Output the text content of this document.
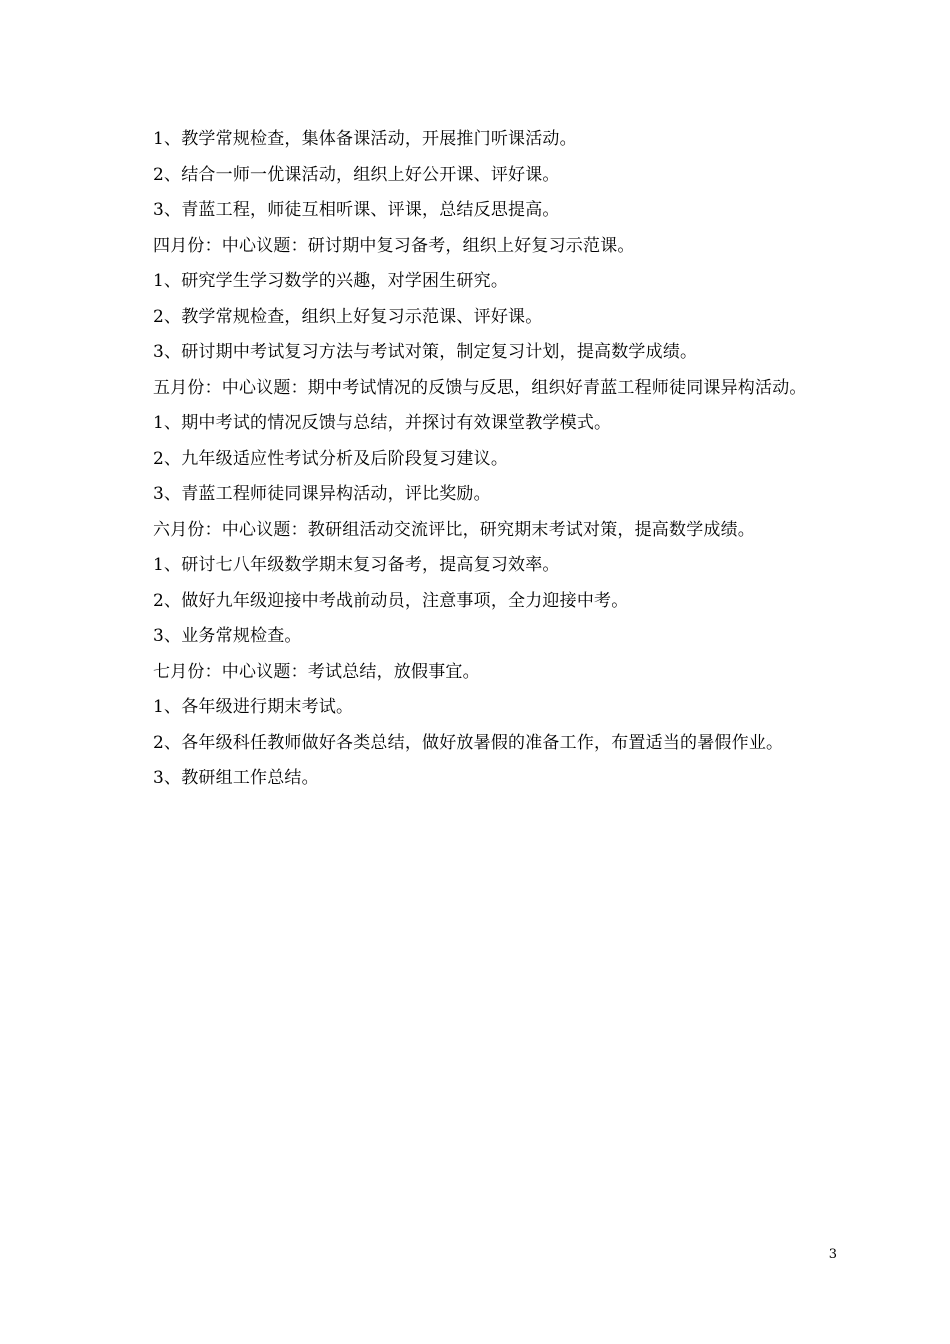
1、教学常规检查，集体备课活动，开展推门听课活动。

2、结合一师一优课活动，组织上好公开课、评好课。

3、青蓝工程，师徒互相听课、评课，总结反思提高。

四月份：中心议题：研讨期中复习备考，组织上好复习示范课。

1、研究学生学习数学的兴趣，对学困生研究。

2、教学常规检查，组织上好复习示范课、评好课。

3、研讨期中考试复习方法与考试对策，制定复习计划，提高数学成绩。

五月份：中心议题：期中考试情况的反馈与反思，组织好青蓝工程师徒同课异构活动。

1、期中考试的情况反馈与总结，并探讨有效课堂教学模式。

2、九年级适应性考试分析及后阶段复习建议。

3、青蓝工程师徒同课异构活动，评比奖励。

六月份：中心议题：教研组活动交流评比，研究期末考试对策，提高数学成绩。

1、研讨七八年级数学期末复习备考，提高复习效率。

2、做好九年级迎接中考战前动员，注意事项，全力迎接中考。

3、业务常规检查。

七月份：中心议题：考试总结，放假事宜。

1、各年级进行期末考试。

2、各年级科任教师做好各类总结，做好放暑假的准备工作，布置适当的暑假作业。

3、教研组工作总结。

3
